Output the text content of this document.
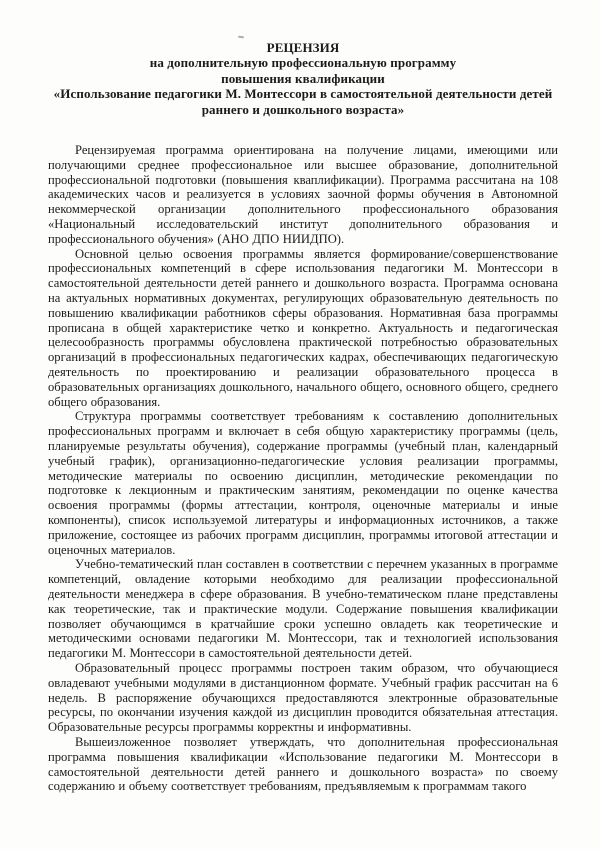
РЕЦЕНЗИЯ
на дополнительную профессиональную программу
повышения квалификации
«Использование педагогики М. Монтессори в самостоятельной деятельности детей раннего и дошкольного возраста»

Рецензируемая программа ориентирована на получение лицами, имеющими или получающими среднее профессиональное или высшее образование, дополнительной профессиональной подготовки (повышения кваплификации). Программа рассчитана на 108 академических часов и реализуется в условиях заочной формы обучения в Автономной некоммерческой организации дополнительного профессионального образования «Национальный исследовательский институт дополнительного образования и профессионального обучения» (АНО ДПО НИИДПО).

Основной целью освоения программы является формирование/совершенствование профессиональных компетенций в сфере использования педагогики М. Монтессори в самостоятельной деятельности детей раннего и дошкольного возраста. Программа основана на актуальных нормативных документах, регулирующих образовательную деятельность по повышению квалификации работников сферы образования. Нормативная база программы прописана в общей характеристике четко и конкретно. Актуальность и педагогическая целесообразность программы обусловлена практической потребностью образовательных организаций в профессиональных педагогических кадрах, обеспечивающих педагогическую деятельность по проектированию и реализации образовательного процесса в образовательных организациях дошкольного, начального общего, основного общего, среднего общего образования.

Структура программы соответствует требованиям к составлению дополнительных профессиональных программ и включает в себя общую характеристику программы (цель, планируемые результаты обучения), содержание программы (учебный план, календарный учебный график), организационно-педагогические условия реализации программы, методические материалы по освоению дисциплин, методические рекомендации по подготовке к лекционным и практическим занятиям, рекомендации по оценке качества освоения программы (формы аттестации, контроля, оценочные материалы и иные компоненты), список используемой литературы и информационных источников, а также приложение, состоящее из рабочих программ дисциплин, программы итоговой аттестации и оценочных материалов.

Учебно-тематический план составлен в соответствии с перечнем указанных в программе компетенций, овладение которыми необходимо для реализации профессиональной деятельности менеджера в сфере образования. В учебно-тематическом плане представлены как теоретические, так и практические модули. Содержание повышения квалификации позволяет обучающимся в кратчайшие сроки успешно овладеть как теоретические и методическими основами педагогики М. Монтессори, так и технологией использования педагогики М. Монтессори в самостоятельной деятельности детей.

Образовательный процесс программы построен таким образом, что обучающиеся овладевают учебными модулями в дистанционном формате. Учебный график рассчитан на 6 недель. В распоряжение обучающихся предоставляются электронные образовательные ресурсы, по окончании изучения каждой из дисциплин проводится обязательная аттестация. Образовательные ресурсы программы корректны и информативны.

Вышеизложенное позволяет утверждать, что дополнительная профессиональная программа повышения квалификации «Использование педагогики М. Монтессори в самостоятельной деятельности детей раннего и дошкольного возраста» по своему содержанию и объему соответствует требованиям, предъявляемым к программам такого
